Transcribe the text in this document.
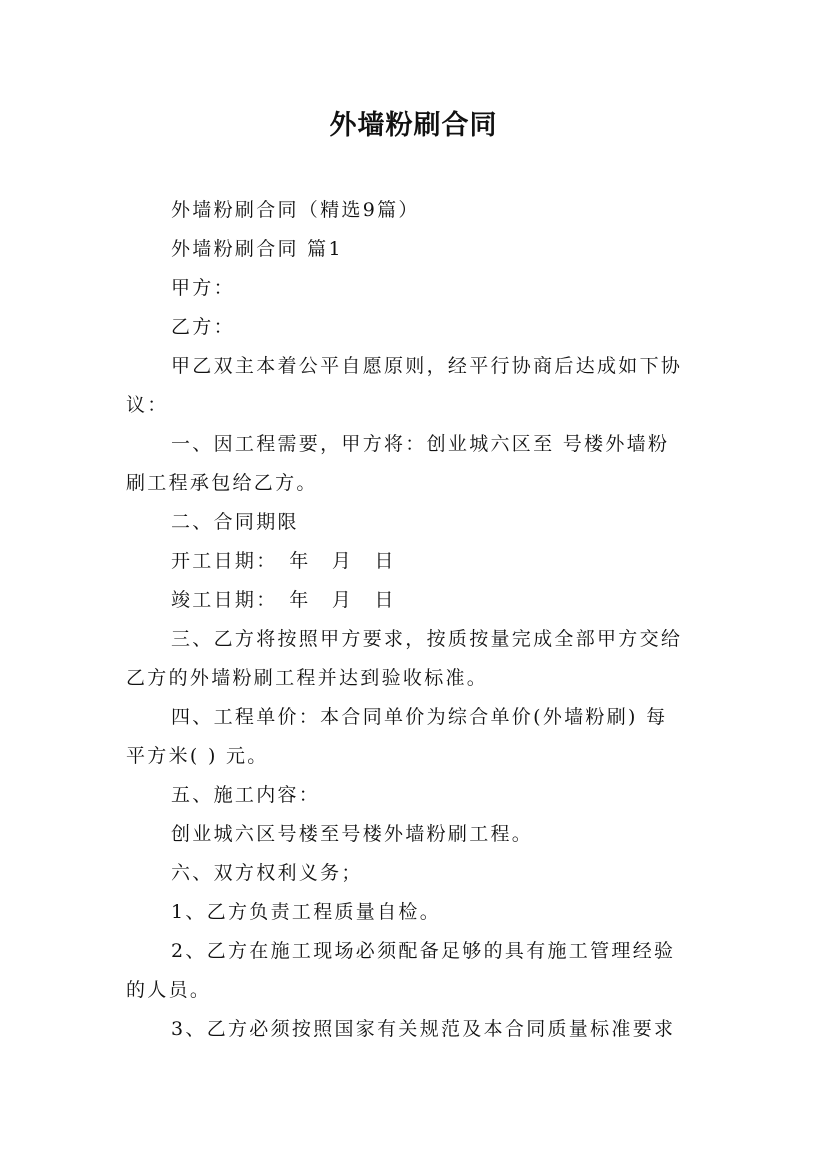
外墙粉刷合同
外墙粉刷合同（精选9篇）
外墙粉刷合同 篇1
甲方：
乙方：
甲乙双主本着公平自愿原则，经平行协商后达成如下协
议：
一、因工程需要，甲方将：创业城六区至 号楼外墙粉
刷工程承包给乙方。
二、合同期限
开工日期：　年　月　日
竣工日期：　年　月　日
三、乙方将按照甲方要求，按质按量完成全部甲方交给
乙方的外墙粉刷工程并达到验收标准。
四、工程单价：本合同单价为综合单价(外墙粉刷) 每
平方米( ) 元。
五、施工内容：
创业城六区号楼至号楼外墙粉刷工程。
六、双方权利义务；
1、乙方负责工程质量自检。
2、乙方在施工现场必须配备足够的具有施工管理经验
的人员。
3、乙方必须按照国家有关规范及本合同质量标准要求
